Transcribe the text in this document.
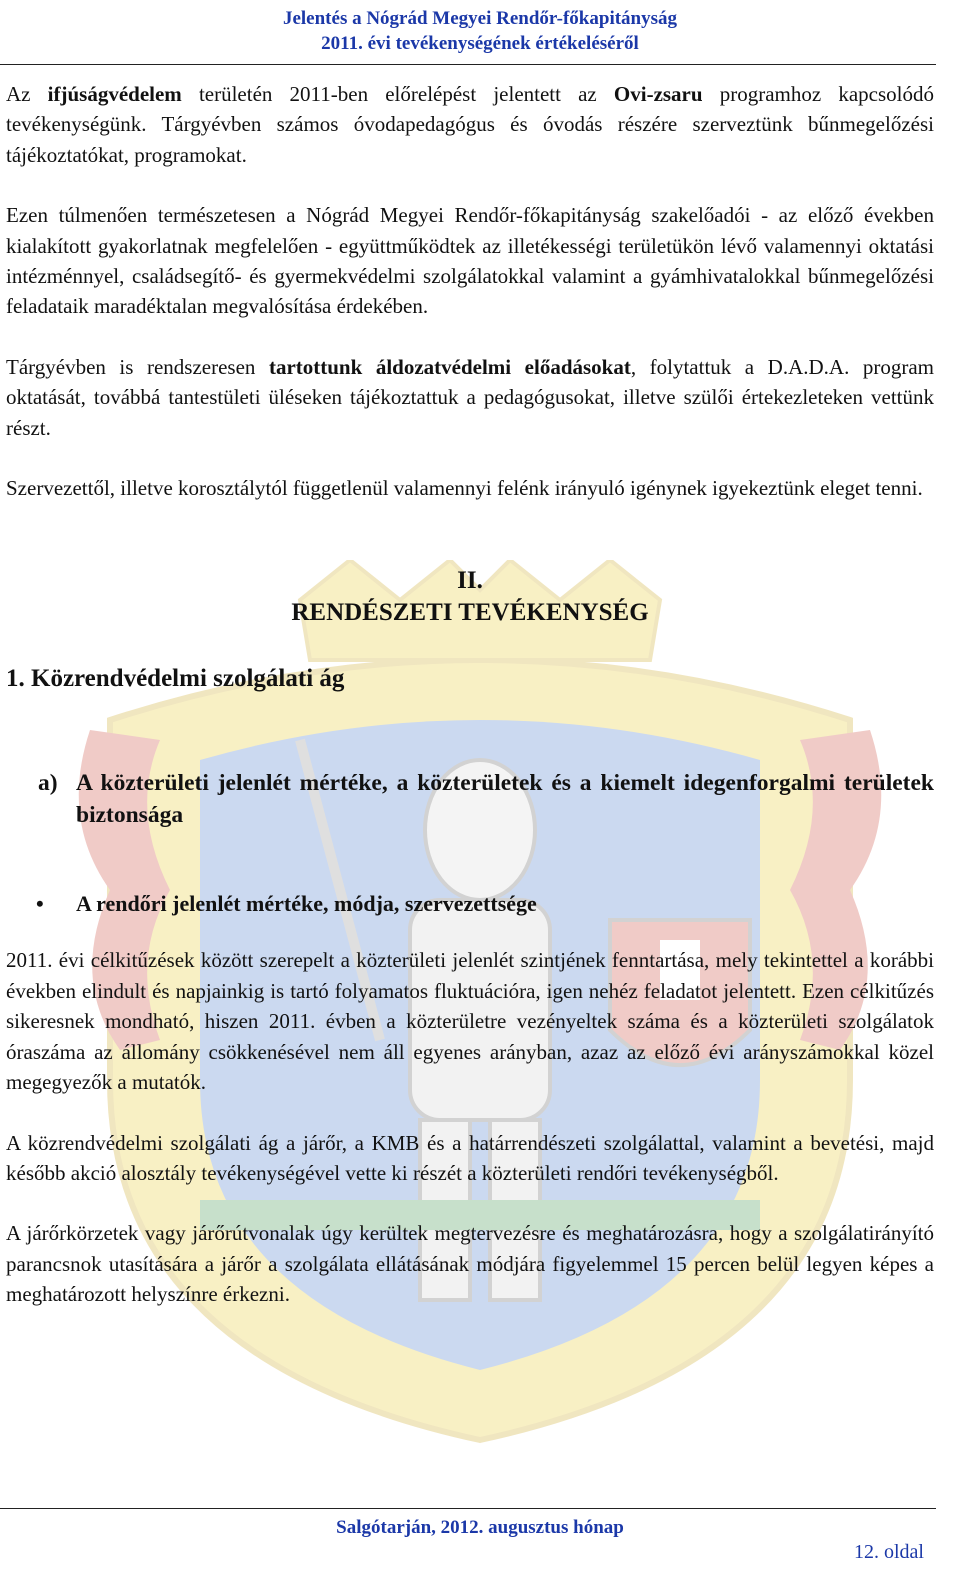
Jelentés a Nógrád Megyei Rendőr-főkapitányság
2011. évi tevékenységének értékeléséről

Az ifjúságvédelem területén 2011-ben előrelépést jelentett az Ovi-zsaru programhoz kapcsolódó tevékenységünk. Tárgyévben számos óvodapedagógus és óvodás részére szerveztünk bűnmegelőzési tájékoztatókat, programokat.

Ezen túlmenően természetesen a Nógrád Megyei Rendőr-főkapitányság szakelőadói - az előző években kialakított gyakorlatnak megfelelően - együttműködtek az illetékességi területükön lévő valamennyi oktatási intézménnyel, családsegítő- és gyermekvédelmi szolgálatokkal valamint a gyámhivatalokkal bűnmegelőzési feladataik maradéktalan megvalósítása érdekében.

Tárgyévben is rendszeresen tartottunk áldozatvédelmi előadásokat, folytattuk a D.A.D.A. program oktatását, továbbá tantestületi üléseken tájékoztattuk a pedagógusokat, illetve szülői értekezleteken vettünk részt.

Szervezettől, illetve korosztálytól függetlenül valamennyi felénk irányuló igénynek igyekeztünk eleget tenni.

II.
RENDÉSZETI TEVÉKENYSÉG
1. Közrendvédelmi szolgálati ág
a) A közterületi jelenlét mértéke, a közterületek és a kiemelt idegenforgalmi területek biztonsága
•	A rendőri jelenlét mértéke, módja, szervezettsége

2011. évi célkitűzések között szerepelt a közterületi jelenlét szintjének fenntartása, mely tekintettel a korábbi években elindult és napjainkig is tartó folyamatos fluktuációra, igen nehéz feladatot jelentett. Ezen célkitűzés sikeresnek mondható, hiszen 2011. évben a közterületre vezényeltek száma és a közterületi szolgálatok óraszáma az állomány csökkenésével nem áll egyenes arányban, azaz az előző évi arányszámokkal közel megegyezők a mutatók.

A közrendvédelmi szolgálati ág a járőr, a KMB és a határrendészeti szolgálattal, valamint a bevetési, majd később akció alosztály tevékenységével vette ki részét a közterületi rendőri tevékenységből.

A járőrkörzetek vagy járőrútvonalak úgy kerültek megtervezésre és meghatározásra, hogy a szolgálatirányító parancsnok utasítására a járőr a szolgálata ellátásának módjára figyelemmel 15 percen belül legyen képes a meghatározott helyszínre érkezni.

Salgótarján, 2012. augusztus hónap
12. oldal
